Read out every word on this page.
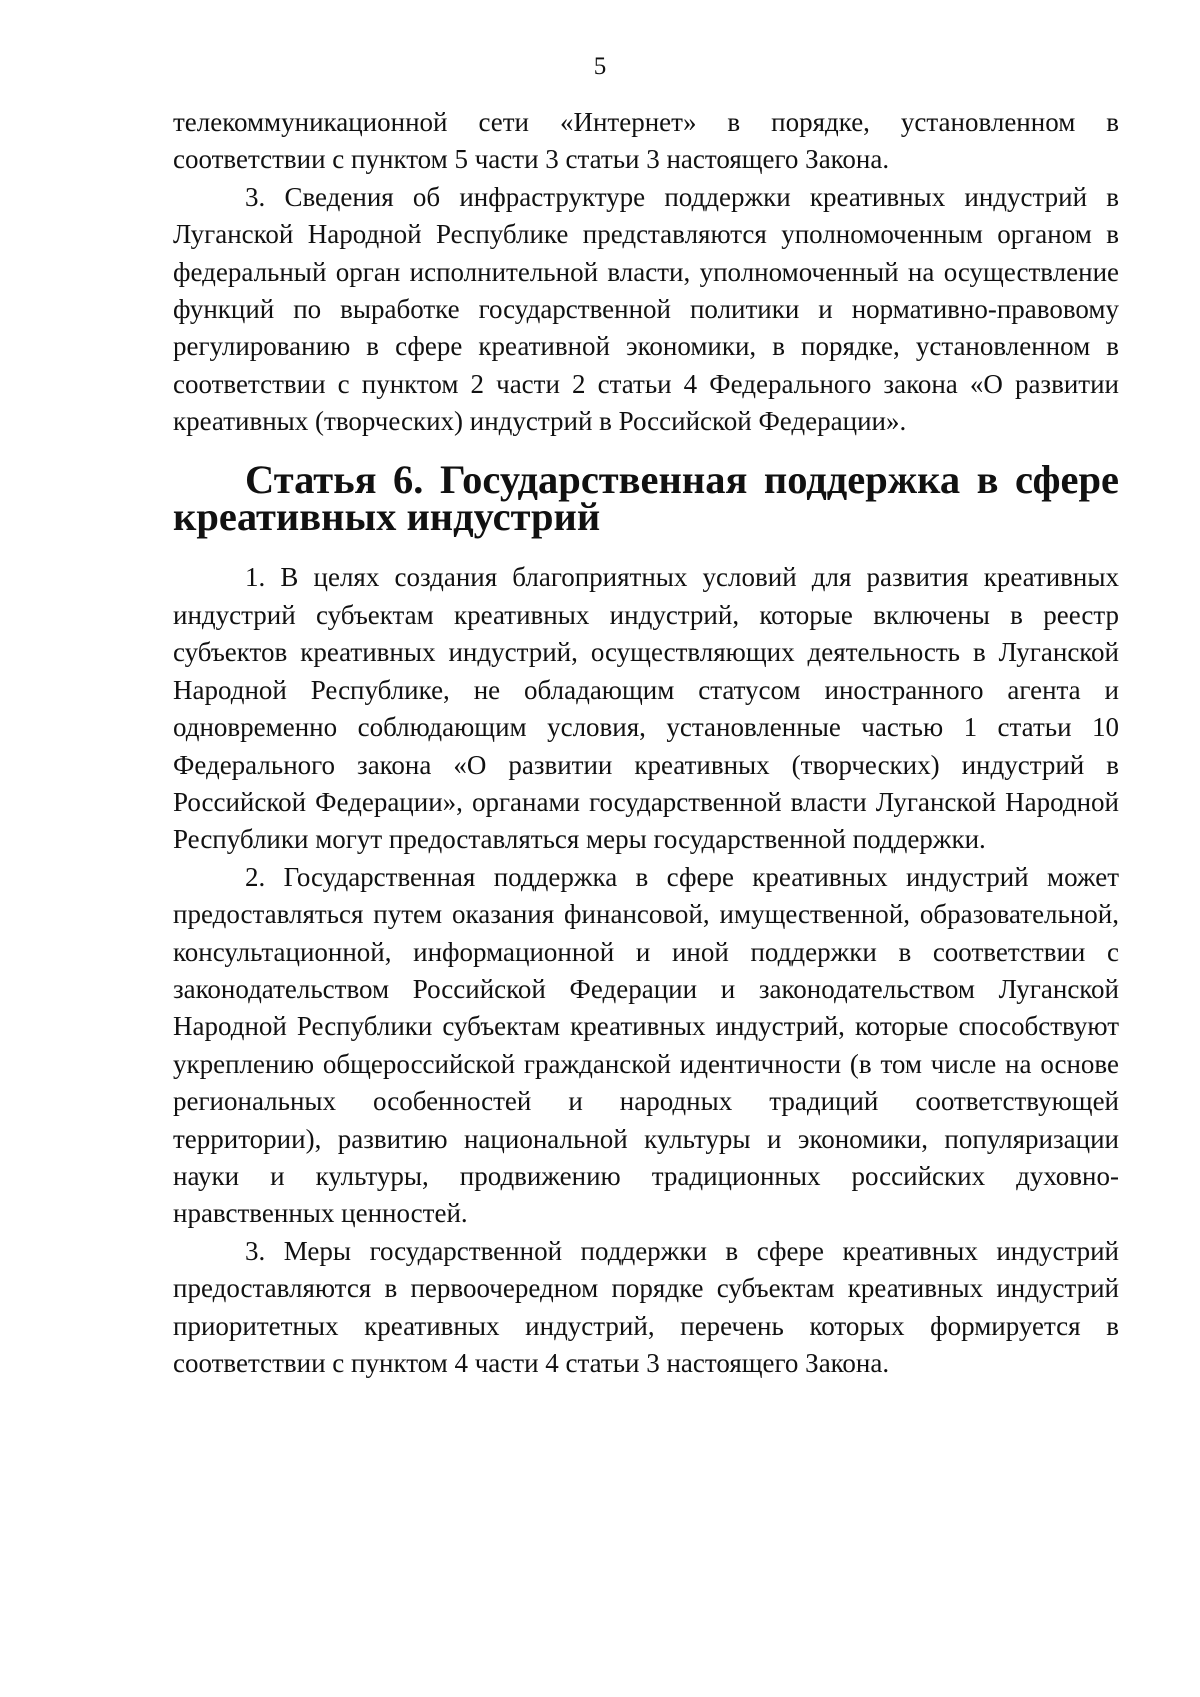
5

телекоммуникационной сети «Интернет» в порядке, установленном в соответствии с пунктом 5 части 3 статьи 3 настоящего Закона.

3. Сведения об инфраструктуре поддержки креативных индустрий в Луганской Народной Республике представляются уполномоченным органом в федеральный орган исполнительной власти, уполномоченный на осуществление функций по выработке государственной политики и нормативно-правовому регулированию в сфере креативной экономики, в порядке, установленном в соответствии с пунктом 2 части 2 статьи 4 Федерального закона «О развитии креативных (творческих) индустрий в Российской Федерации».

Статья 6. Государственная поддержка в сфере креативных индустрий

1. В целях создания благоприятных условий для развития креативных индустрий субъектам креативных индустрий, которые включены в реестр субъектов креативных индустрий, осуществляющих деятельность в Луганской Народной Республике, не обладающим статусом иностранного агента и одновременно соблюдающим условия, установленные частью 1 статьи 10 Федерального закона «О развитии креативных (творческих) индустрий в Российской Федерации», органами государственной власти Луганской Народной Республики могут предоставляться меры государственной поддержки.

2. Государственная поддержка в сфере креативных индустрий может предоставляться путем оказания финансовой, имущественной, образовательной, консультационной, информационной и иной поддержки в соответствии с законодательством Российской Федерации и законодательством Луганской Народной Республики субъектам креативных индустрий, которые способствуют укреплению общероссийской гражданской идентичности (в том числе на основе региональных особенностей и народных традиций соответствующей территории), развитию национальной культуры и экономики, популяризации науки и культуры, продвижению традиционных российских духовно-нравственных ценностей.

3. Меры государственной поддержки в сфере креативных индустрий предоставляются в первоочередном порядке субъектам креативных индустрий приоритетных креативных индустрий, перечень которых формируется в соответствии с пунктом 4 части 4 статьи 3 настоящего Закона.
